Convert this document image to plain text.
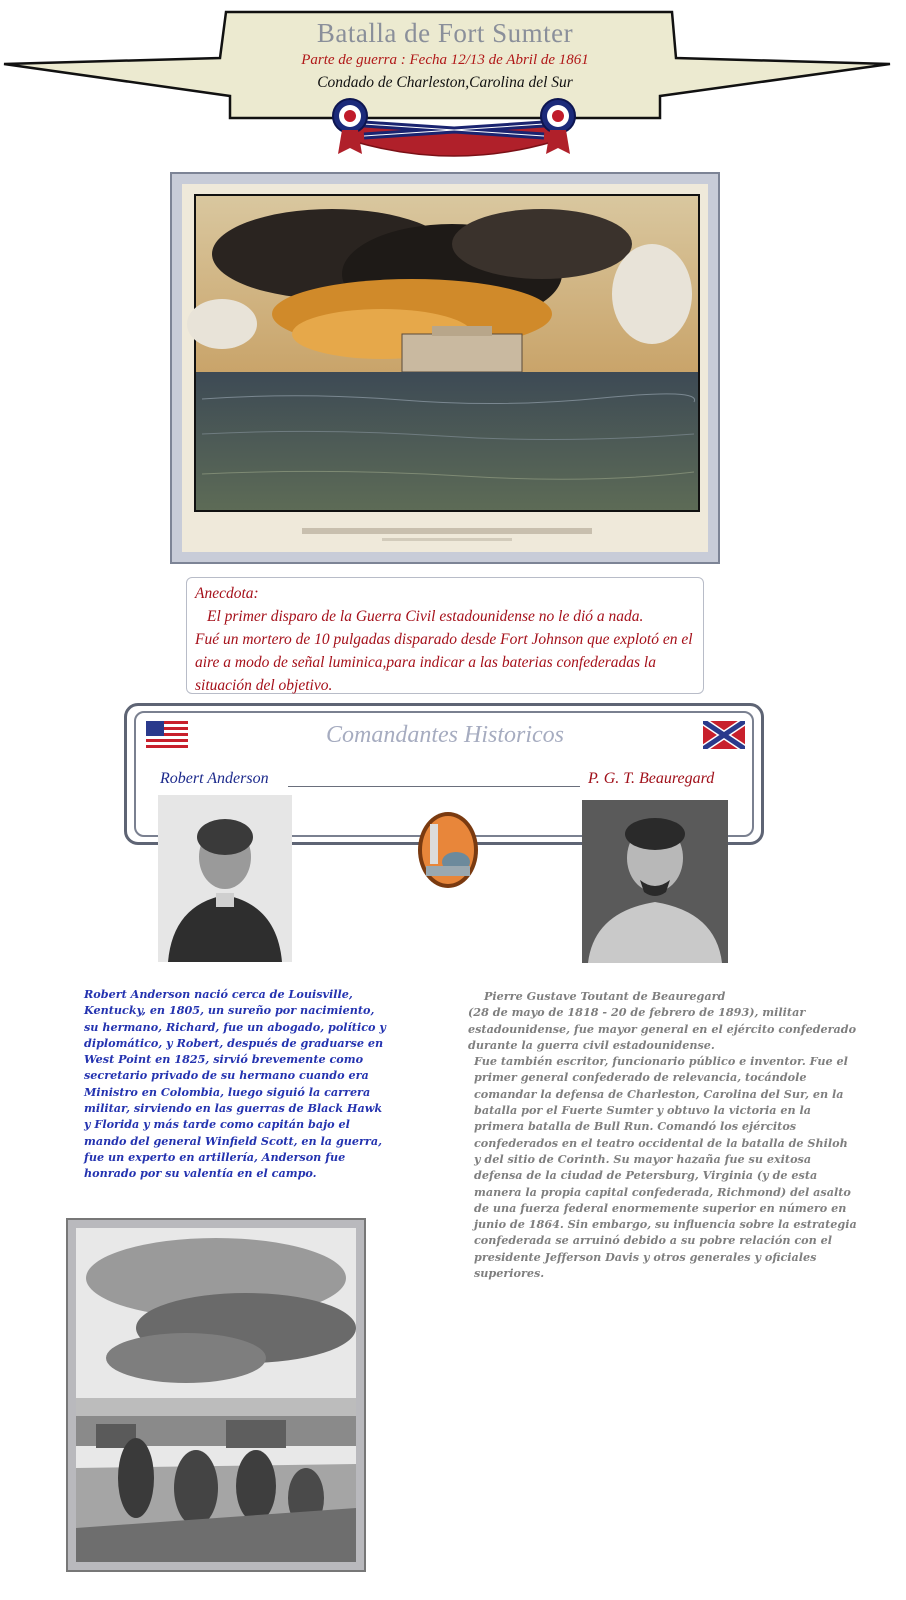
Batalla de Fort Sumter
Parte de guerra : Fecha 12/13 de Abril de 1861
Condado de Charleston,Carolina del Sur
Anecdota:
El primer disparo de la Guerra Civil estadounidense no le dió a nada.
Fué un mortero de 10 pulgadas disparado desde Fort Johnson que explotó en el aire a modo de señal luminica,para indicar a las baterias confederadas la situación del objetivo.
Comandantes Historicos
Robert Anderson	P. G. T. Beauregard

Robert Anderson nació cerca de Louisville, Kentucky, en 1805, un sureño por nacimiento, su hermano, Richard, fue un abogado, político y diplomático, y Robert, después de graduarse en West Point en 1825, sirvió brevemente como secretario privado de su hermano cuando era Ministro en Colombia, luego siguió la carrera militar, sirviendo en las guerras de Black Hawk y Florida y más tarde como capitán bajo el mando del general Winfield Scott, en la guerra, fue un experto en artillería, Anderson fue honrado por su valentía en el campo.

Pierre Gustave Toutant de Beauregard

(28 de mayo de 1818 - 20 de febrero de 1893), militar estadounidense, fue mayor general en el ejército confederado durante la guerra civil estadounidense.

Fue también escritor, funcionario público e inventor. Fue el primer general confederado de relevancia, tocándole comandar la defensa de Charleston, Carolina del Sur, en la batalla por el Fuerte Sumter y obtuvo la victoria en la primera batalla de Bull Run. Comandó los ejércitos confederados en el teatro occidental de la batalla de Shiloh y del sitio de Corinth. Su mayor hazaña fue su exitosa defensa de la ciudad de Petersburg, Virginia (y de esta manera la propia capital confederada, Richmond) del asalto de una fuerza federal enormemente superior en número en junio de 1864. Sin embargo, su influencia sobre la estrategia confederada se arruinó debido a su pobre relación con el presidente Jefferson Davis y otros generales y oficiales superiores.
